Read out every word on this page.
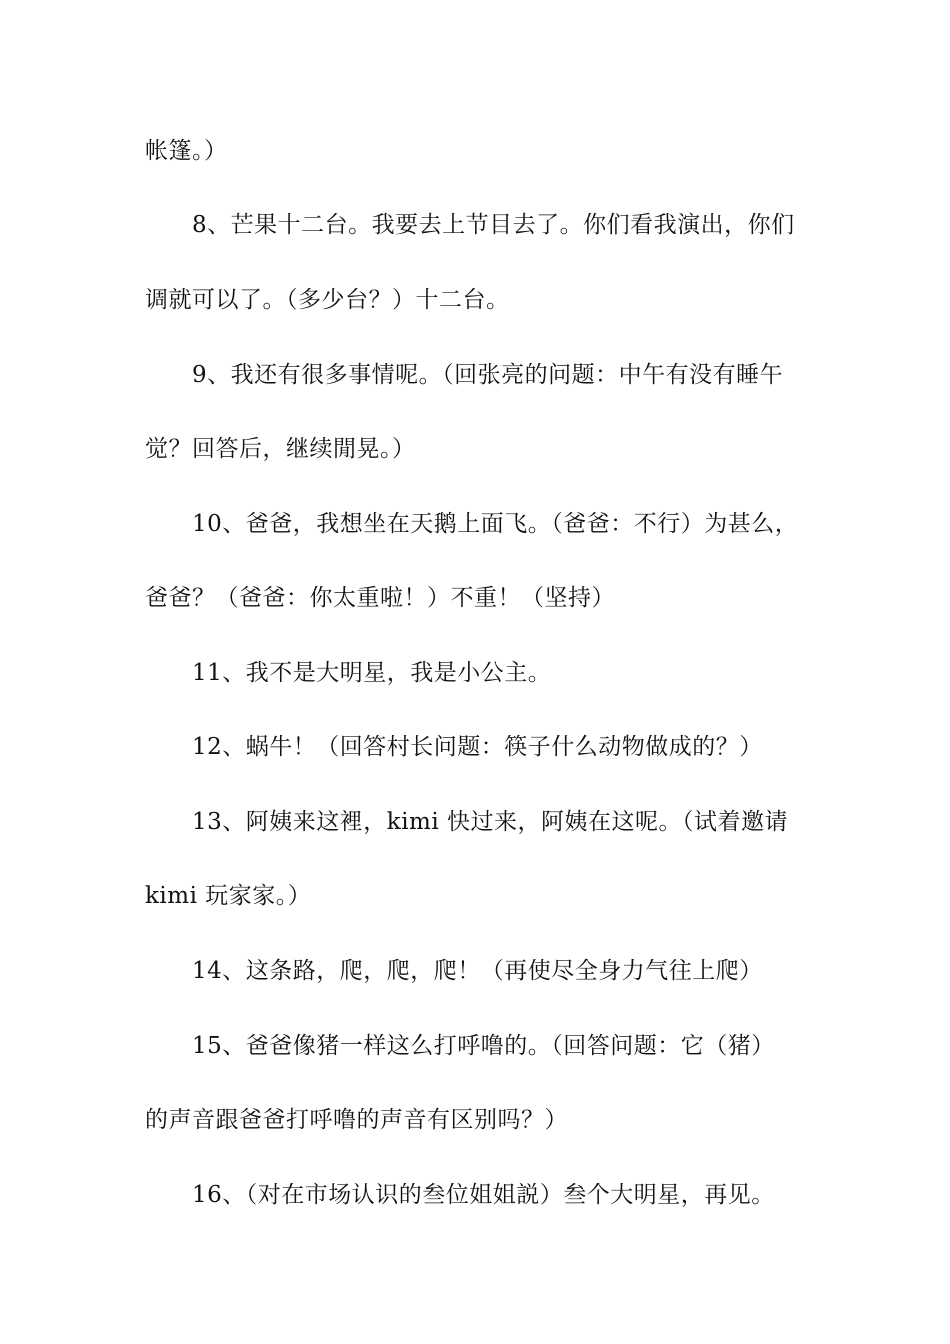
帐篷。）
8、芒果十二台。我要去上节目去了。你们看我演出，你们
调就可以了。（多少台？）十二台。
9、我还有很多事情呢。（回张亮的问题：中午有没有睡午
觉？回答后，继续閒晃。）
10、爸爸，我想坐在天鹅上面飞。（爸爸：不行）为甚么，
爸爸？（爸爸：你太重啦！）不重！（坚持）
11、我不是大明星，我是小公主。
12、蜗牛！（回答村长问题：筷子什么动物做成的？）
13、阿姨来这裡，kimi 快过来，阿姨在这呢。（试着邀请
kimi 玩家家。）
14、这条路，爬，爬，爬！（再使尽全身力气往上爬）
15、爸爸像猪一样这么打呼噜的。（回答问题：它（猪）
的声音跟爸爸打呼噜的声音有区别吗？）
16、（对在市场认识的叁位姐姐説）叁个大明星，再见。
